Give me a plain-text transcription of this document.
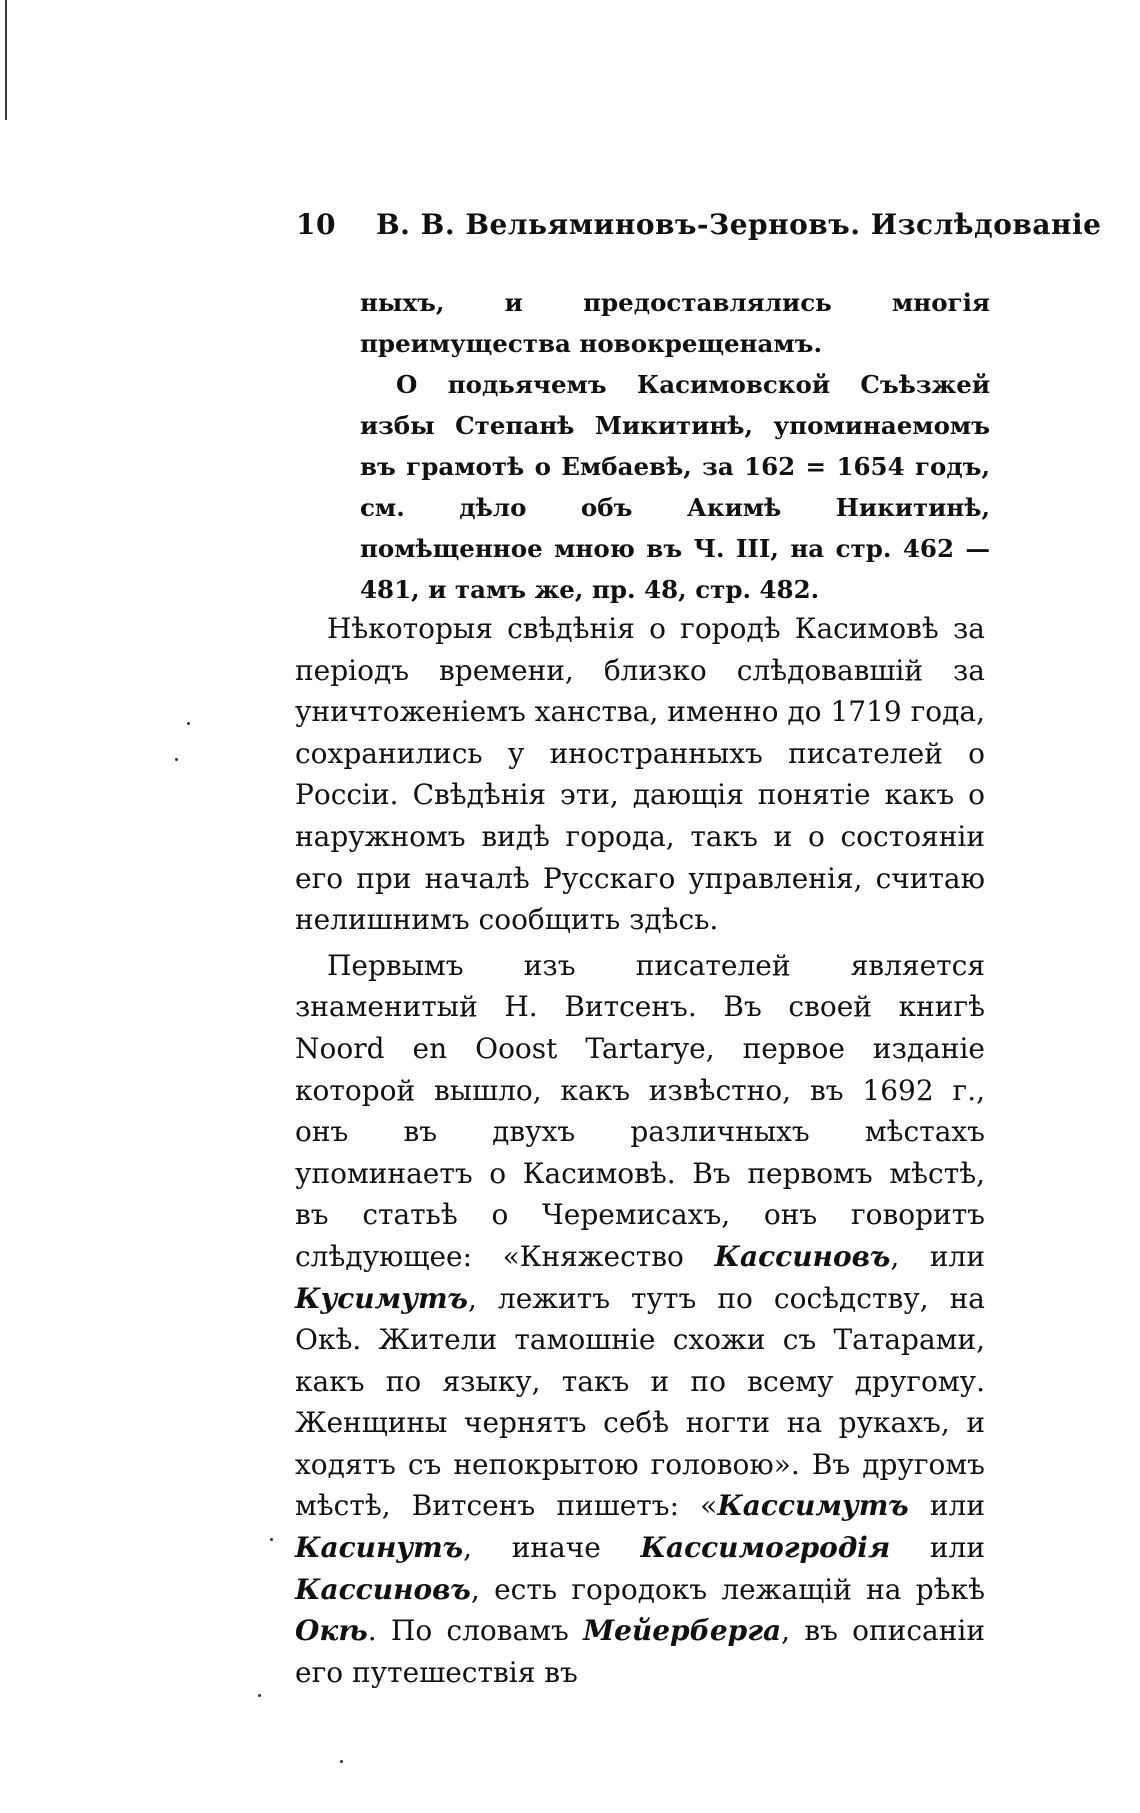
10 В. В. Вельяминовъ-Зерновъ. Изслѣдованіе

ныхъ, и предоставлялись многія преимущества новокрещенамъ.

О подьячемъ Касимовской Съѣзжей избы Степанѣ Микитинѣ, упоминаемомъ въ грамотѣ о Ембаевѣ, за 162 = 1654 годъ, см. дѣло объ Акимѣ Никитинѣ, помѣщенное мною въ Ч. III, на стр. 462 — 481, и тамъ же, пр. 48, стр. 482.

Нѣкоторыя свѣдѣнія о городѣ Касимовѣ за періодъ времени, близко слѣдовавшій за уничтоженіемъ ханства, именно до 1719 года, сохранились у иностранныхъ писателей о Россіи. Свѣдѣнія эти, дающія понятіе какъ о наружномъ видѣ города, такъ и о состояніи его при началѣ Русскаго управленія, считаю нелишнимъ сообщить здѣсь.

Первымъ изъ писателей является знаменитый Н. Витсенъ. Въ своей книгѣ Noord en Ooost Tartarye, первое изданіе которой вышло, какъ извѣстно, въ 1692 г., онъ въ двухъ различныхъ мѣстахъ упоминаетъ о Касимовѣ. Въ первомъ мѣстѣ, въ статьѣ о Черемисахъ, онъ говоритъ слѣдующее: «Княжество Кассиновъ, или Кусимутъ, лежитъ тутъ по сосѣдству, на Окѣ. Жители тамошніе схожи съ Татарами, какъ по языку, такъ и по всему другому. Женщины чернятъ себѣ ногти на рукахъ, и ходятъ съ непокрытою головою». Въ другомъ мѣстѣ, Витсенъ пишетъ: «Кассимутъ или Касинутъ, иначе Кассимогродія или Кассиновъ, есть городокъ лежащій на рѣкѣ Окѣ. По словамъ Мейерберга, въ описаніи его путешествія въ
